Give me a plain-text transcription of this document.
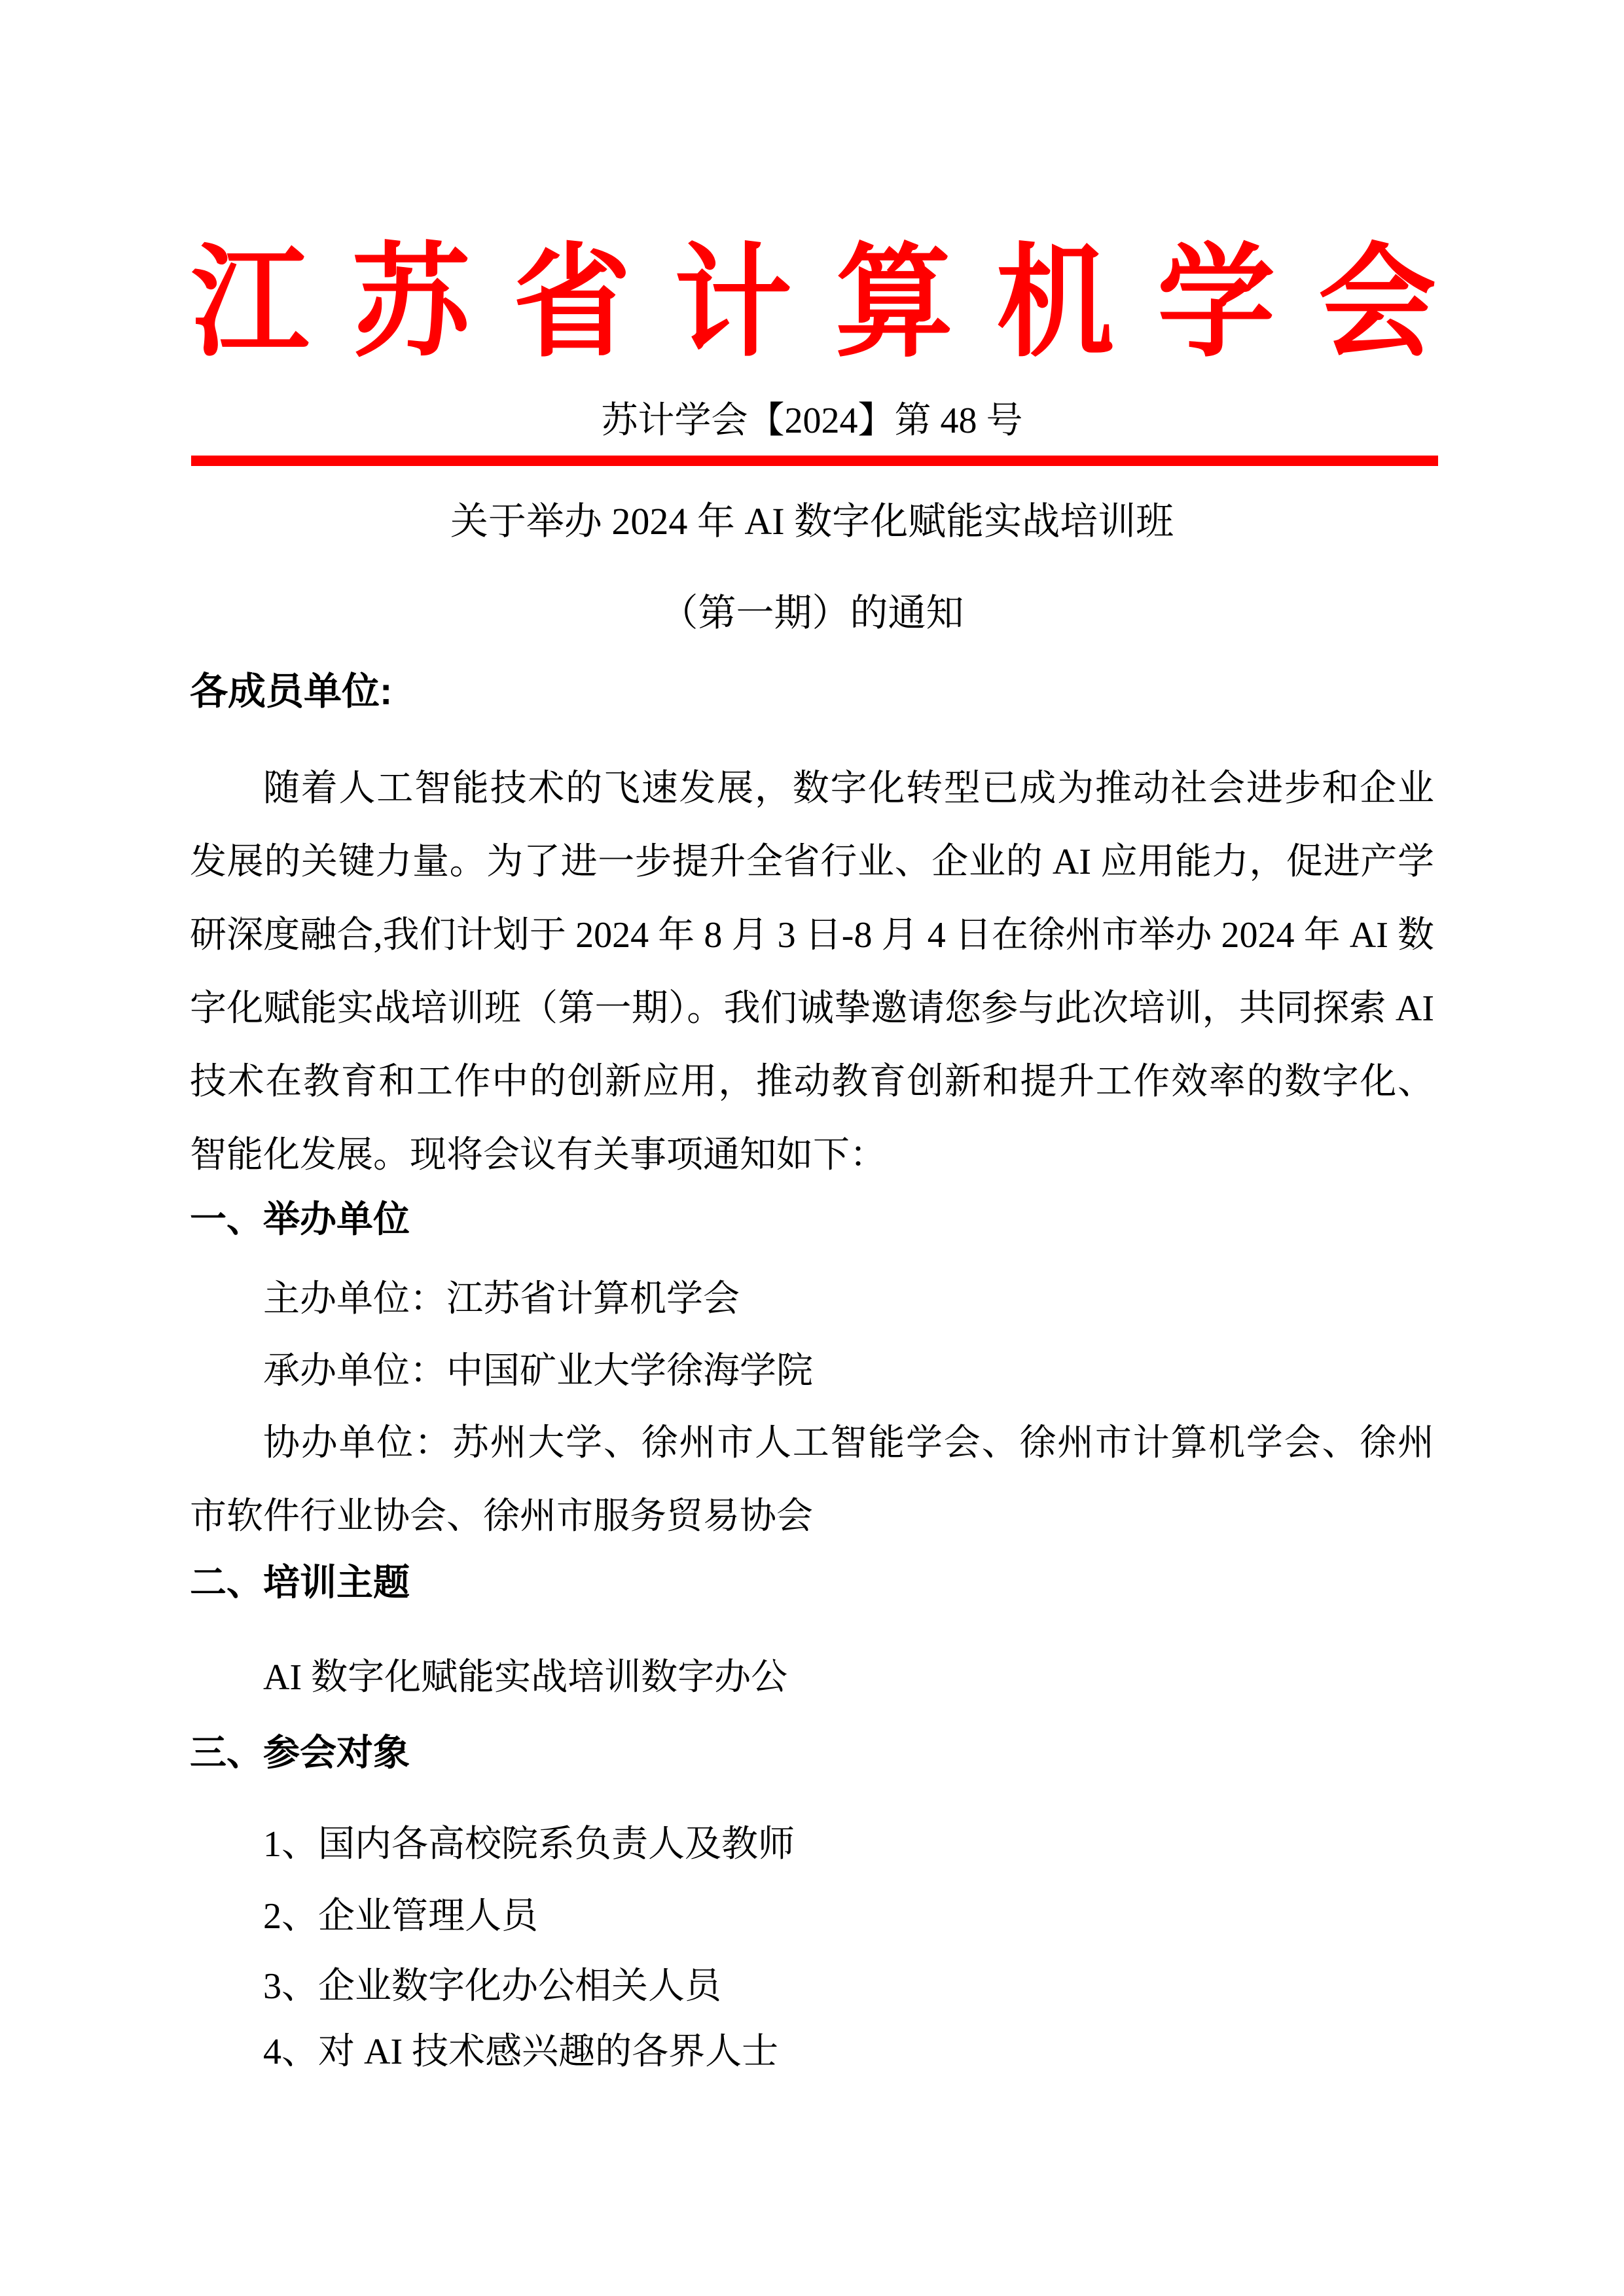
江苏省计算机学会
苏计学会【2024】第 48 号
关于举办 2024 年 AI 数字化赋能实战培训班
（第一期）的通知
各成员单位:
随着人工智能技术的飞速发展，数字化转型已成为推动社会进步和企业发展的关键力量。为了进一步提升全省行业、企业的 AI 应用能力，促进产学研深度融合,我们计划于 2024 年 8 月 3 日-8 月 4 日在徐州市举办 2024 年 AI 数字化赋能实战培训班（第一期）。我们诚挚邀请您参与此次培训，共同探索 AI 技术在教育和工作中的创新应用，推动教育创新和提升工作效率的数字化、智能化发展。现将会议有关事项通知如下：
一、举办单位
主办单位：江苏省计算机学会
承办单位：中国矿业大学徐海学院
协办单位：苏州大学、徐州市人工智能学会、徐州市计算机学会、徐州市软件行业协会、徐州市服务贸易协会
二、培训主题
AI 数字化赋能实战培训数字办公
三、参会对象
1、国内各高校院系负责人及教师
2、企业管理人员
3、企业数字化办公相关人员
4、对 AI 技术感兴趣的各界人士
